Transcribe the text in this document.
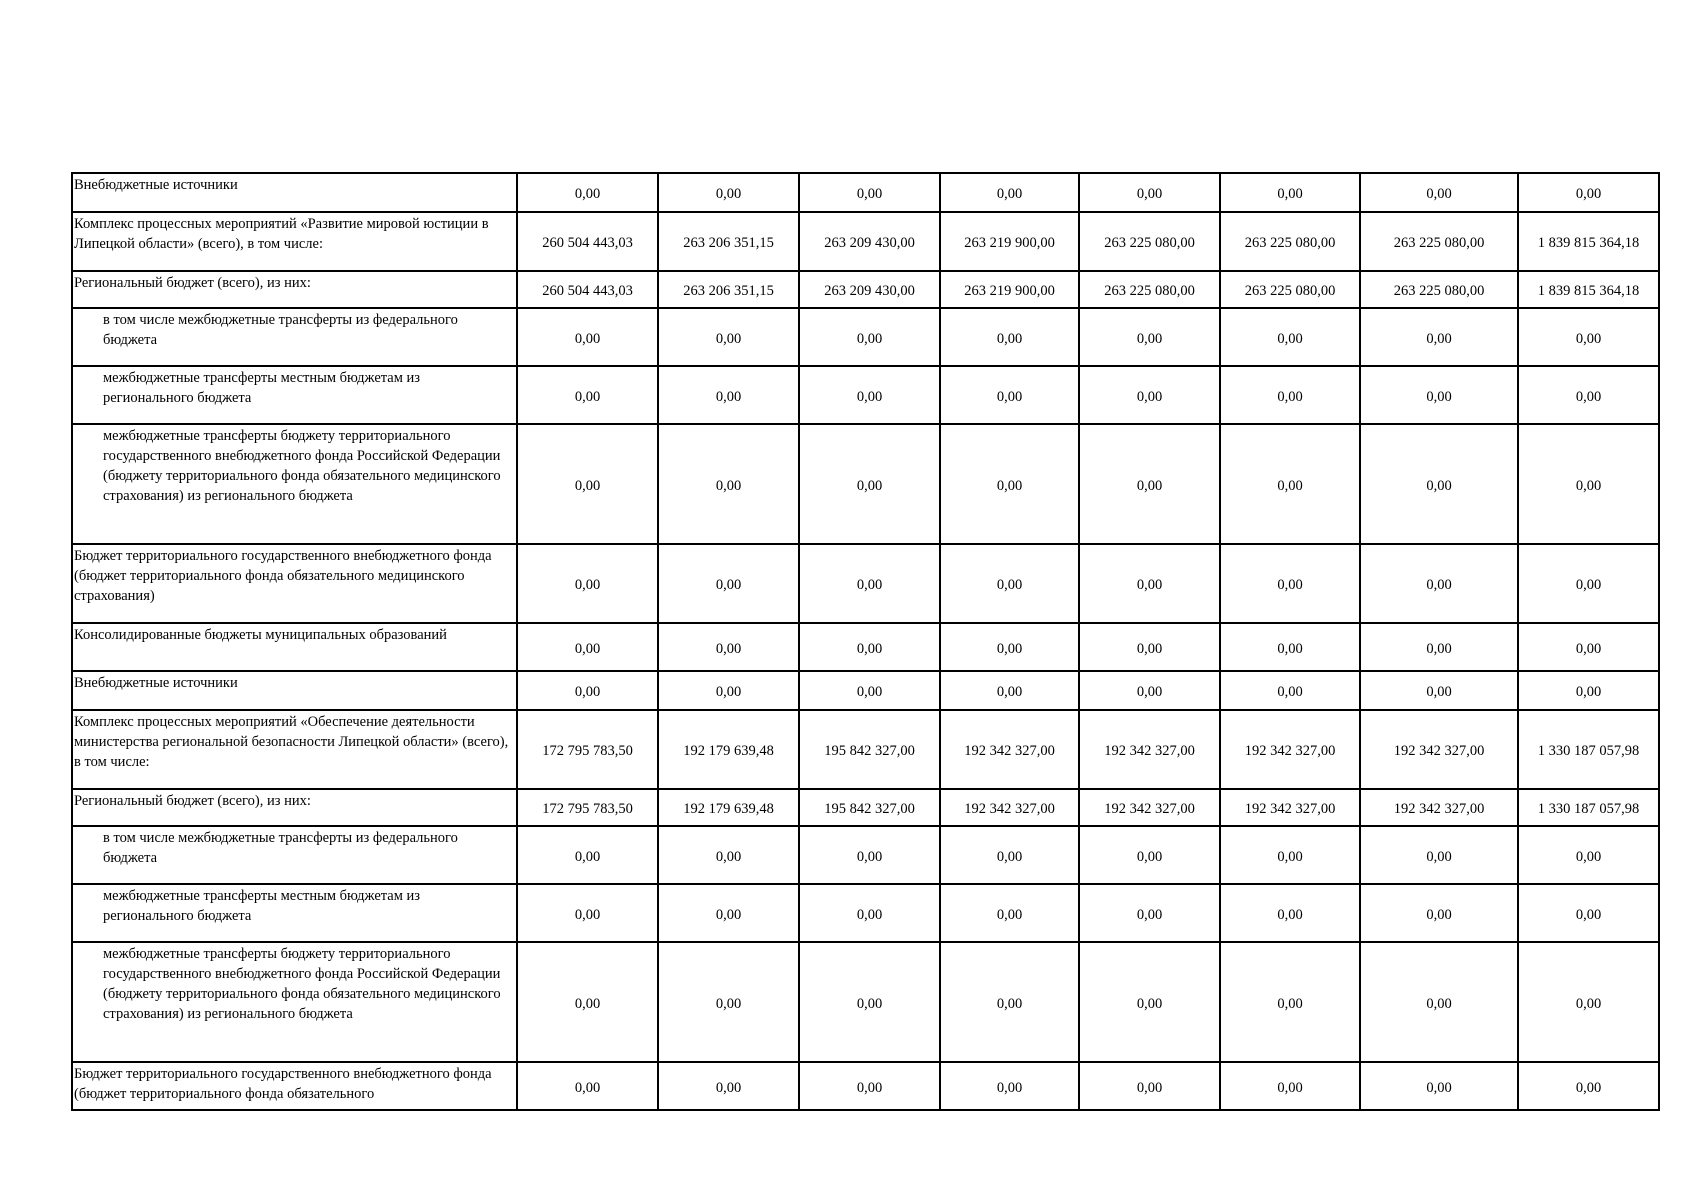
Внебюджетные источники	0,00	0,00	0,00	0,00	0,00	0,00	0,00	0,00
Комплекс процессных мероприятий «Развитие мировой юстиции в Липецкой области» (всего), в том числе:	260 504 443,03	263 206 351,15	263 209 430,00	263 219 900,00	263 225 080,00	263 225 080,00	263 225 080,00	1 839 815 364,18
Региональный бюджет (всего), из них:	260 504 443,03	263 206 351,15	263 209 430,00	263 219 900,00	263 225 080,00	263 225 080,00	263 225 080,00	1 839 815 364,18
в том числе межбюджетные трансферты из федерального бюджета	0,00	0,00	0,00	0,00	0,00	0,00	0,00	0,00
межбюджетные трансферты местным бюджетам из регионального бюджета	0,00	0,00	0,00	0,00	0,00	0,00	0,00	0,00
межбюджетные трансферты бюджету территориального государственного внебюджетного фонда Российской Федерации (бюджету территориального фонда обязательного медицинского страхования) из регионального бюджета	0,00	0,00	0,00	0,00	0,00	0,00	0,00	0,00
Бюджет территориального государственного внебюджетного фонда (бюджет территориального фонда обязательного медицинского страхования)	0,00	0,00	0,00	0,00	0,00	0,00	0,00	0,00
Консолидированные бюджеты муниципальных образований	0,00	0,00	0,00	0,00	0,00	0,00	0,00	0,00
Внебюджетные источники	0,00	0,00	0,00	0,00	0,00	0,00	0,00	0,00
Комплекс процессных мероприятий «Обеспечение деятельности министерства региональной безопасности Липецкой области» (всего), в том числе:	172 795 783,50	192 179 639,48	195 842 327,00	192 342 327,00	192 342 327,00	192 342 327,00	192 342 327,00	1 330 187 057,98
Региональный бюджет (всего), из них:	172 795 783,50	192 179 639,48	195 842 327,00	192 342 327,00	192 342 327,00	192 342 327,00	192 342 327,00	1 330 187 057,98
в том числе межбюджетные трансферты из федерального бюджета	0,00	0,00	0,00	0,00	0,00	0,00	0,00	0,00
межбюджетные трансферты местным бюджетам из регионального бюджета	0,00	0,00	0,00	0,00	0,00	0,00	0,00	0,00
межбюджетные трансферты бюджету территориального государственного внебюджетного фонда Российской Федерации (бюджету территориального фонда обязательного медицинского страхования) из регионального бюджета	0,00	0,00	0,00	0,00	0,00	0,00	0,00	0,00
Бюджет территориального государственного внебюджетного фонда (бюджет территориального фонда обязательного	0,00	0,00	0,00	0,00	0,00	0,00	0,00	0,00
